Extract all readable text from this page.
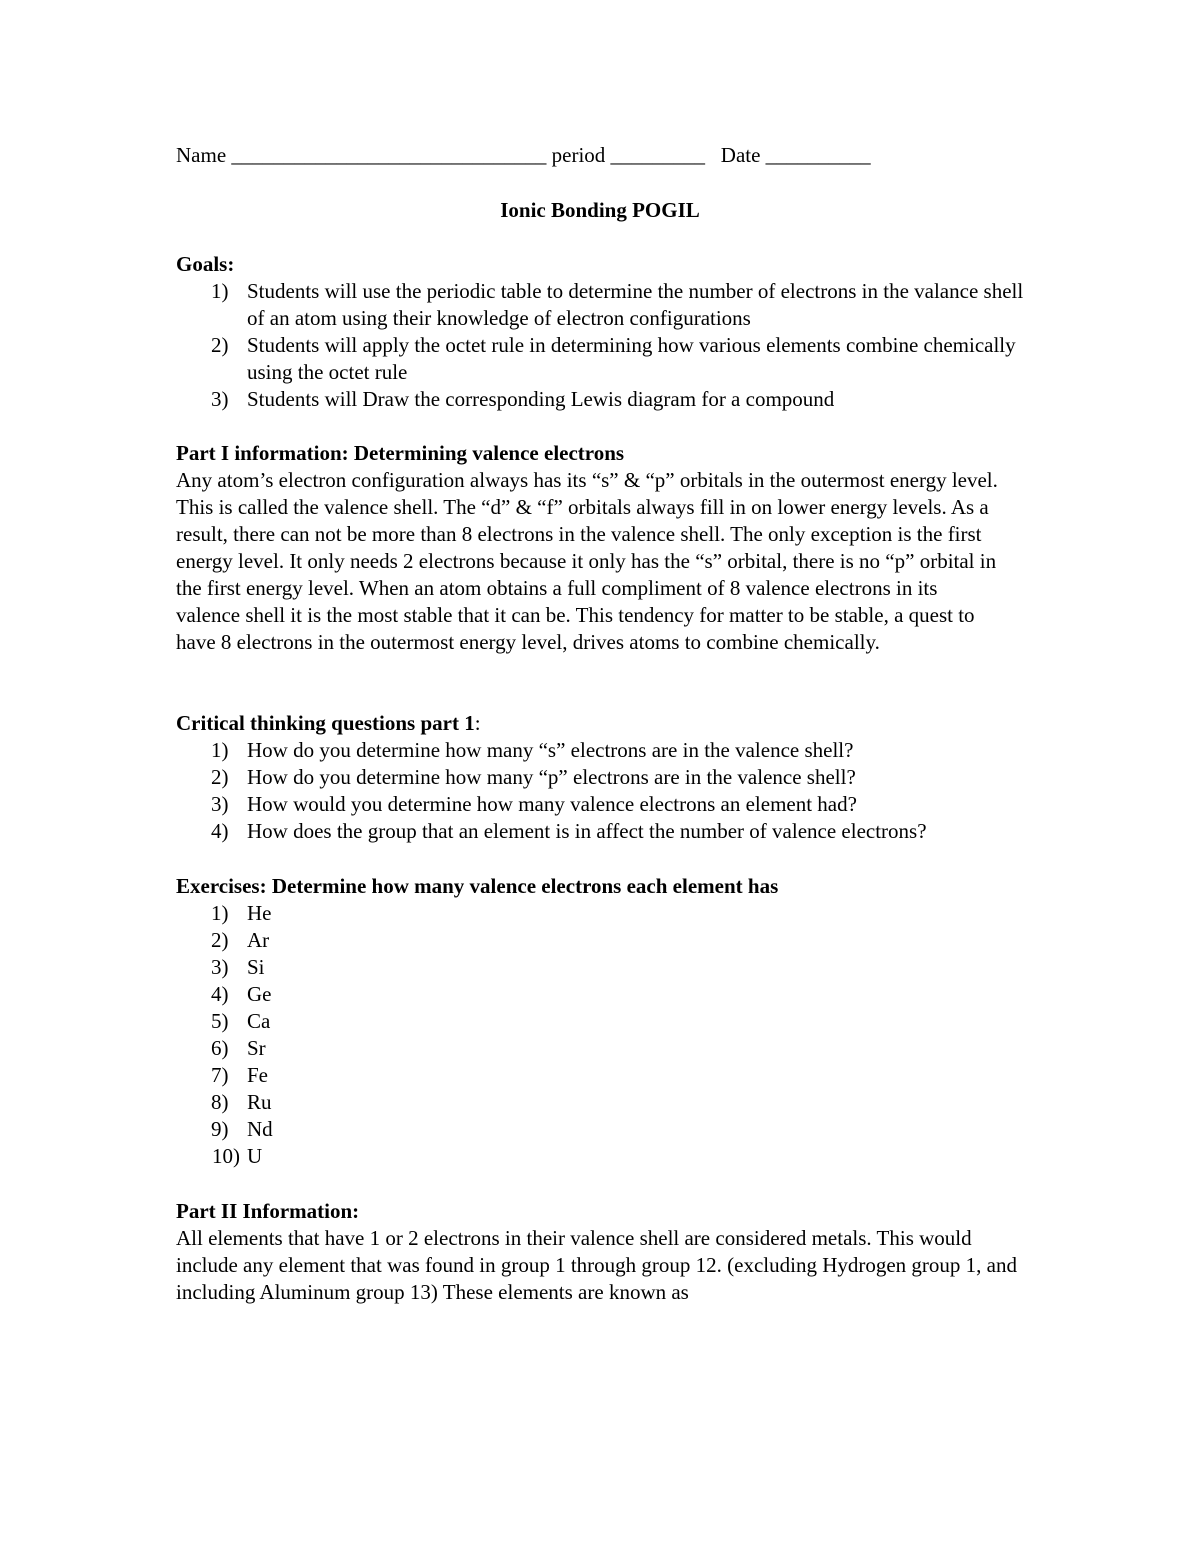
Name ______________________________ period _________   Date __________
Ionic Bonding POGIL
Goals:
1) Students will use the periodic table to determine the number of electrons in the valance shell of an atom using their knowledge of electron configurations
2) Students will apply the octet rule in determining how various elements combine chemically using the octet rule
3) Students will Draw the corresponding Lewis diagram for a compound
Part I information: Determining valence electrons

Any atom’s electron configuration always has its “s” & “p” orbitals in the outermost energy level. This is called the valence shell. The “d” & “f” orbitals always fill in on lower energy levels. As a result, there can not be more than 8 electrons in the valence shell. The only exception is the first energy level. It only needs 2 electrons because it only has the “s” orbital, there is no “p” orbital in the first energy level. When an atom obtains a full compliment of 8 valence electrons in its valence shell it is the most stable that it can be. This tendency for matter to be stable, a quest to have 8 electrons in the outermost energy level, drives atoms to combine chemically.

Critical thinking questions part 1:
1) How do you determine how many “s” electrons are in the valence shell?
2) How do you determine how many “p” electrons are in the valence shell?
3) How would you determine how many valence electrons an element had?
4) How does the group that an element is in affect the number of valence electrons?
Exercises: Determine how many valence electrons each element has
1) He
2) Ar
3) Si
4) Ge
5) Ca
6) Sr
7) Fe
8) Ru
9) Nd
10) U
Part II Information:

All elements that have 1 or 2 electrons in their valence shell are considered metals. This would include any element that was found in group 1 through group 12. (excluding Hydrogen group 1, and including Aluminum group 13) These elements are known as
